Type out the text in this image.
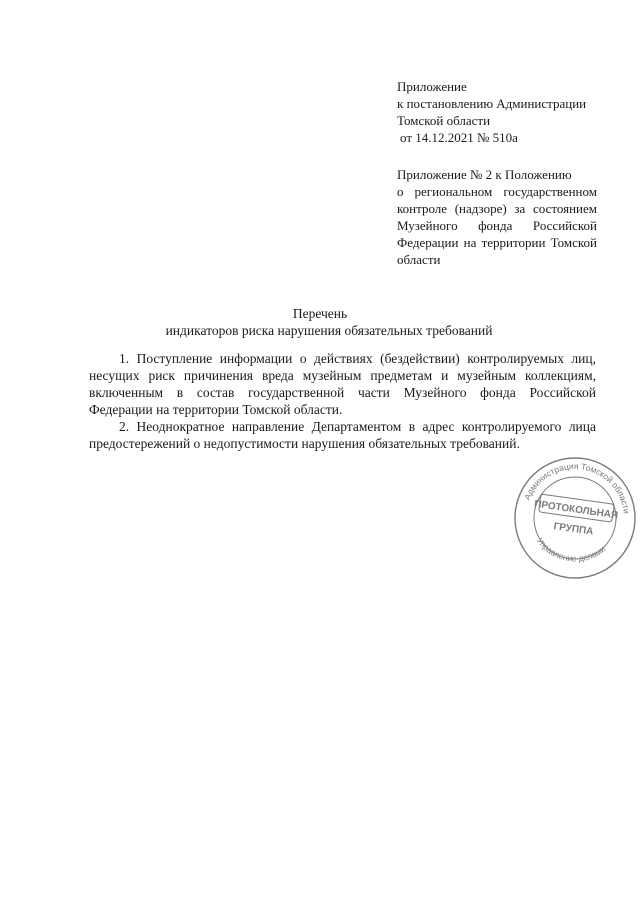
Приложение
к постановлению Администрации
Томской области
от 14.12.2021 № 510а
Приложение № 2 к Положению
о региональном государственном
контроле (надзоре) за состоянием
Музейного фонда Российской
Федерации на территории Томской
области
Перечень
индикаторов риска нарушения обязательных требований
1. Поступление информации о действиях (бездействии) контролируемых лиц,
несущих риск причинения вреда музейным предметам и музейным коллекциям,
включенным в состав государственной части Музейного фонда Российской
Федерации на территории Томской области.
2. Неоднократное направление Департаментом в адрес контролируемого лица
предостережений о недопустимости нарушения обязательных требований.
Администрация Томской области
Управление делами
ПРОТОКОЛЬНАЯ
ГРУППА
